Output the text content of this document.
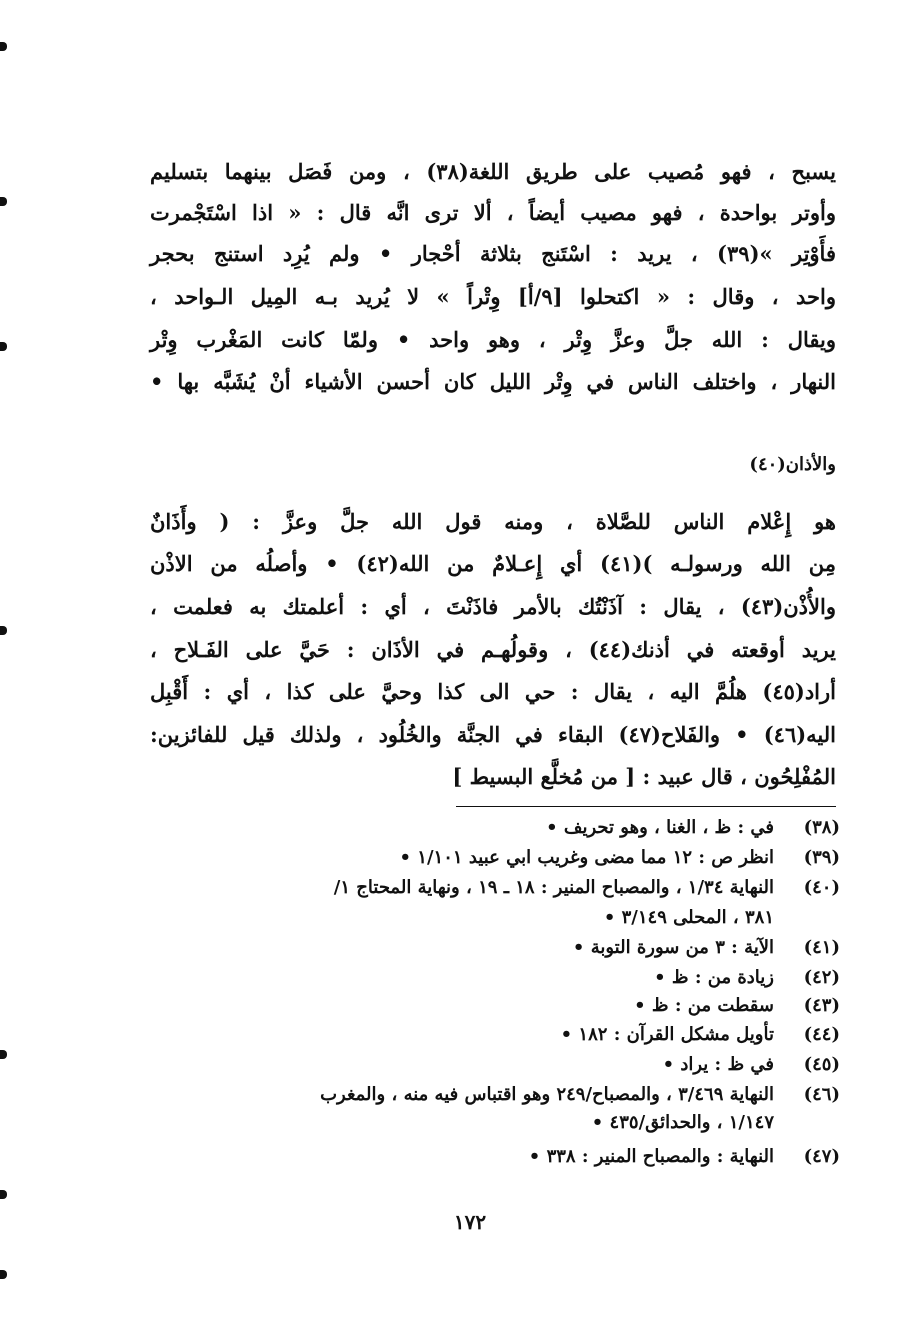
يسبح ، فهو مُصيب على طريق اللغة(٣٨) ، ومن فَصَل بينهما بتسليم
وأوتر بواحدة ، فهو مصيب أيضاً ، ألا ترى انَّه قال : « اذا اسْتَجْمرت
فأَوْتِر »(٣٩) ، يريد : اسْتَنج بثلاثة أحْجار • ولم يُرِد استنج بحجر
واحد ، وقال : « اكتحلوا [٩/أ] وِتْراً » لا يُريد بـه المِيل الـواحد ،
ويقال : الله جلَّ وعزَّ وِتْر ، وهو واحد • ولمّا كانت المَغْرب وِتْر
النهار ، واختلف الناس في وِتْر الليل كان أحسن الأشياء أنْ يُشَبَّه بها •
والأذان(٤٠)
هو إِعْلام الناس للصَّلاة ، ومنه قول الله جلَّ وعزَّ : ( وأَذَانٌ
مِن الله ورسولـه )(٤١) أي إِعـلامٌ من الله(٤٢) • وأصلُه من الاذْن
والأُذْن(٤٣) ، يقال : آذَنْتُك بالأمر فاذَنْتَ ، أي : أعلمتك به فعلمت ،
يريد أوقعته في أذنك(٤٤) ، وقولُهـم في الأذَان : حَيَّ على الفَـلاح ،
أراد(٤٥) هلُمَّ اليه ، يقال : حي الى كذا وحيَّ على كذا ، أي : أَقْبِل
اليه(٤٦) • والفَلاح(٤٧) البقاء في الجنَّة والخُلُود ، ولذلك قيل للفائزين:
المُفْلِحُون ، قال عبيد : [ من مُخلَّع البسيط ]
(٣٨)في : ظ ، الغنا ، وهو تحريف •
(٣٩)انظر ص : ١٢ مما مضى وغريب ابي عبيد ١/١٠١ •
(٤٠)النهاية ١/٣٤ ، والمصباح المنير : ١٨ ـ ١٩ ، ونهاية المحتاج ١/
٣٨١ ، المحلى ٣/١٤٩ •
(٤١)الآية : ٣ من سورة التوبة •
(٤٢)زيادة من : ظ •
(٤٣)سقطت من : ظ •
(٤٤)تأويل مشكل القرآن : ١٨٢ •
(٤٥)في ظ : يراد •
(٤٦)النهاية ٣/٤٦٩ ، والمصباح/٢٤٩ وهو اقتباس فيه منه ، والمغرب
١/١٤٧ ، والحدائق/٤٣٥ •
(٤٧)النهاية : والمصباح المنير : ٣٣٨ •
١٧٢
